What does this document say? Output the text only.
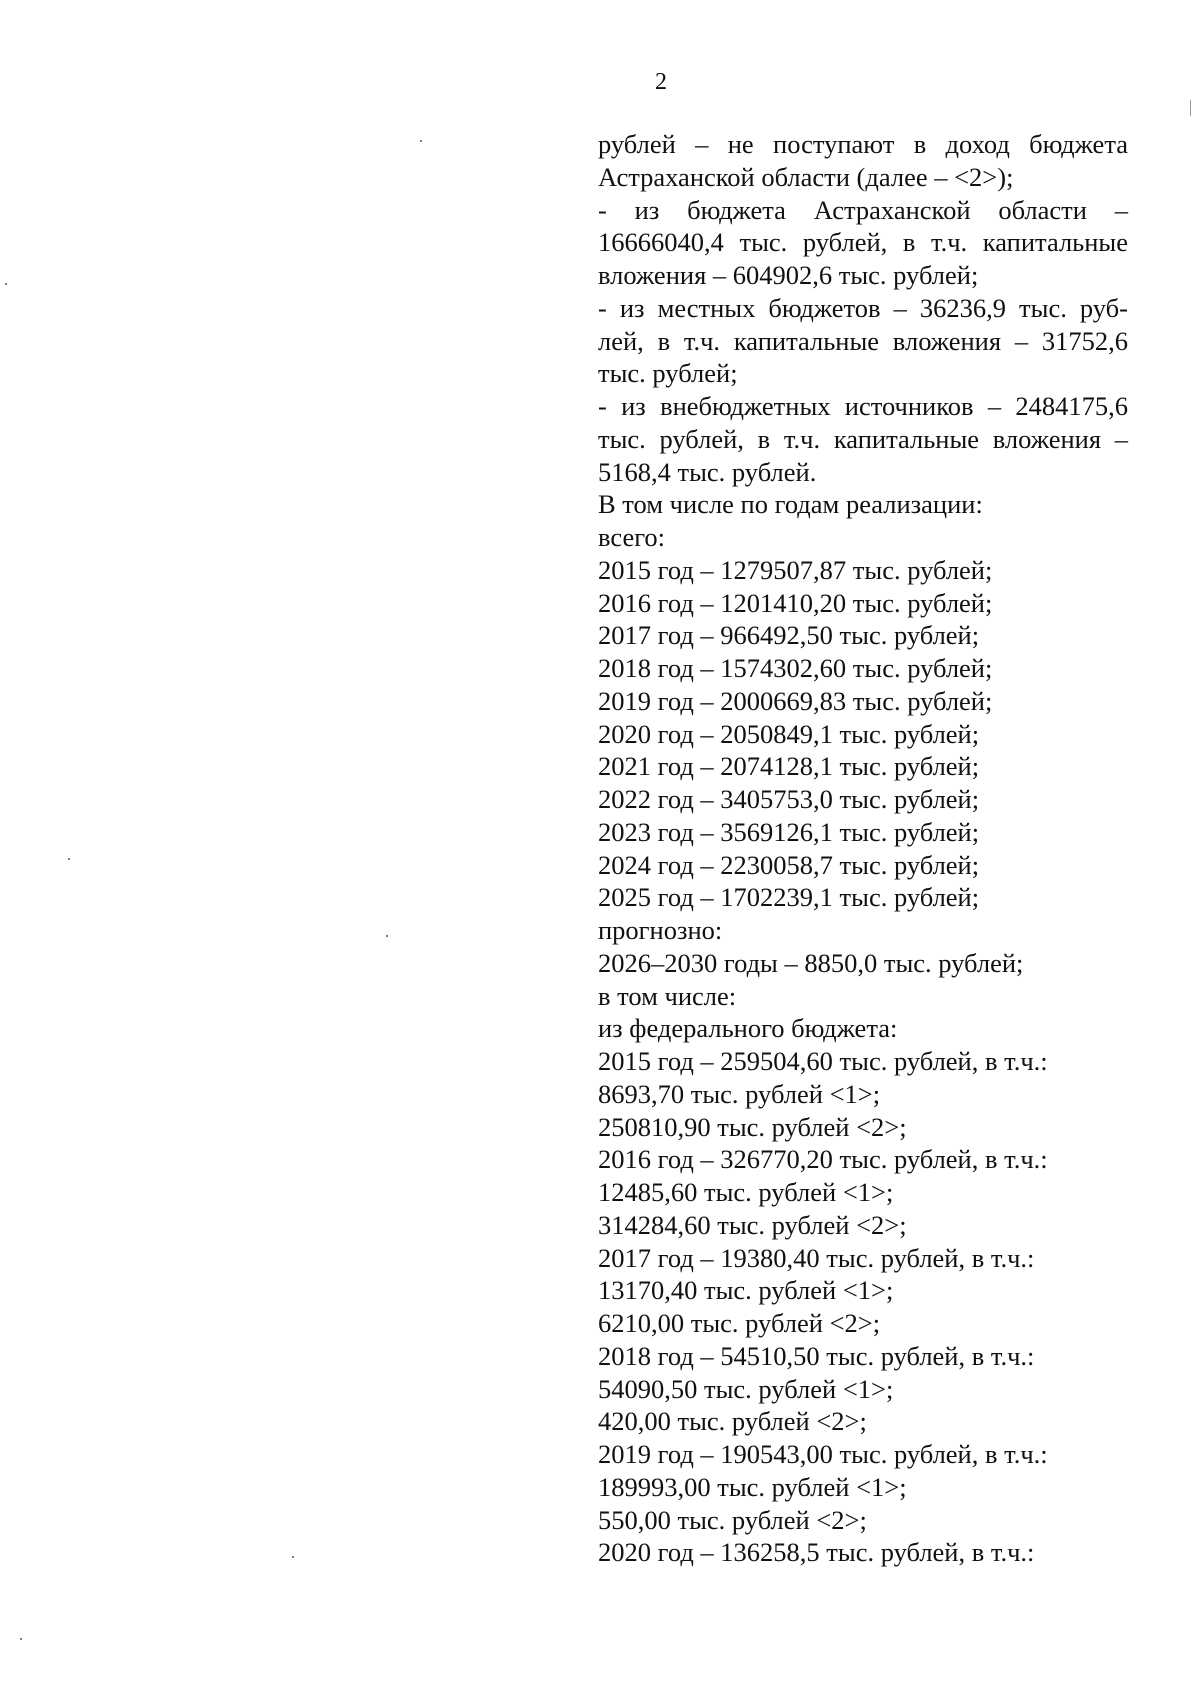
2
рублей – не поступают в доход бюджета
Астраханской области (далее – <2>);
- из бюджета Астраханской области –
16666040,4 тыс. рублей, в т.ч. капитальные
вложения – 604902,6 тыс. рублей;
- из местных бюджетов – 36236,9 тыс. руб-
лей, в т.ч. капитальные вложения – 31752,6
тыс. рублей;
- из внебюджетных источников – 2484175,6
тыс. рублей, в т.ч. капитальные вложения –
5168,4 тыс. рублей.
В том числе по годам реализации:
всего:
2015 год – 1279507,87 тыс. рублей;
2016 год – 1201410,20 тыс. рублей;
2017 год – 966492,50 тыс. рублей;
2018 год – 1574302,60 тыс. рублей;
2019 год – 2000669,83 тыс. рублей;
2020 год – 2050849,1 тыс. рублей;
2021 год – 2074128,1 тыс. рублей;
2022 год – 3405753,0 тыс. рублей;
2023 год – 3569126,1 тыс. рублей;
2024 год – 2230058,7 тыс. рублей;
2025 год – 1702239,1 тыс. рублей;
прогнозно:
2026–2030 годы – 8850,0 тыс. рублей;
в том числе:
из федерального бюджета:
2015 год – 259504,60 тыс. рублей, в т.ч.:
8693,70 тыс. рублей <1>;
250810,90 тыс. рублей <2>;
2016 год – 326770,20 тыс. рублей, в т.ч.:
12485,60 тыс. рублей <1>;
314284,60 тыс. рублей <2>;
2017 год – 19380,40 тыс. рублей, в т.ч.:
13170,40 тыс. рублей <1>;
6210,00 тыс. рублей <2>;
2018 год – 54510,50 тыс. рублей, в т.ч.:
54090,50 тыс. рублей <1>;
420,00 тыс. рублей <2>;
2019 год – 190543,00 тыс. рублей, в т.ч.:
189993,00 тыс. рублей <1>;
550,00 тыс. рублей <2>;
2020 год – 136258,5 тыс. рублей, в т.ч.:
